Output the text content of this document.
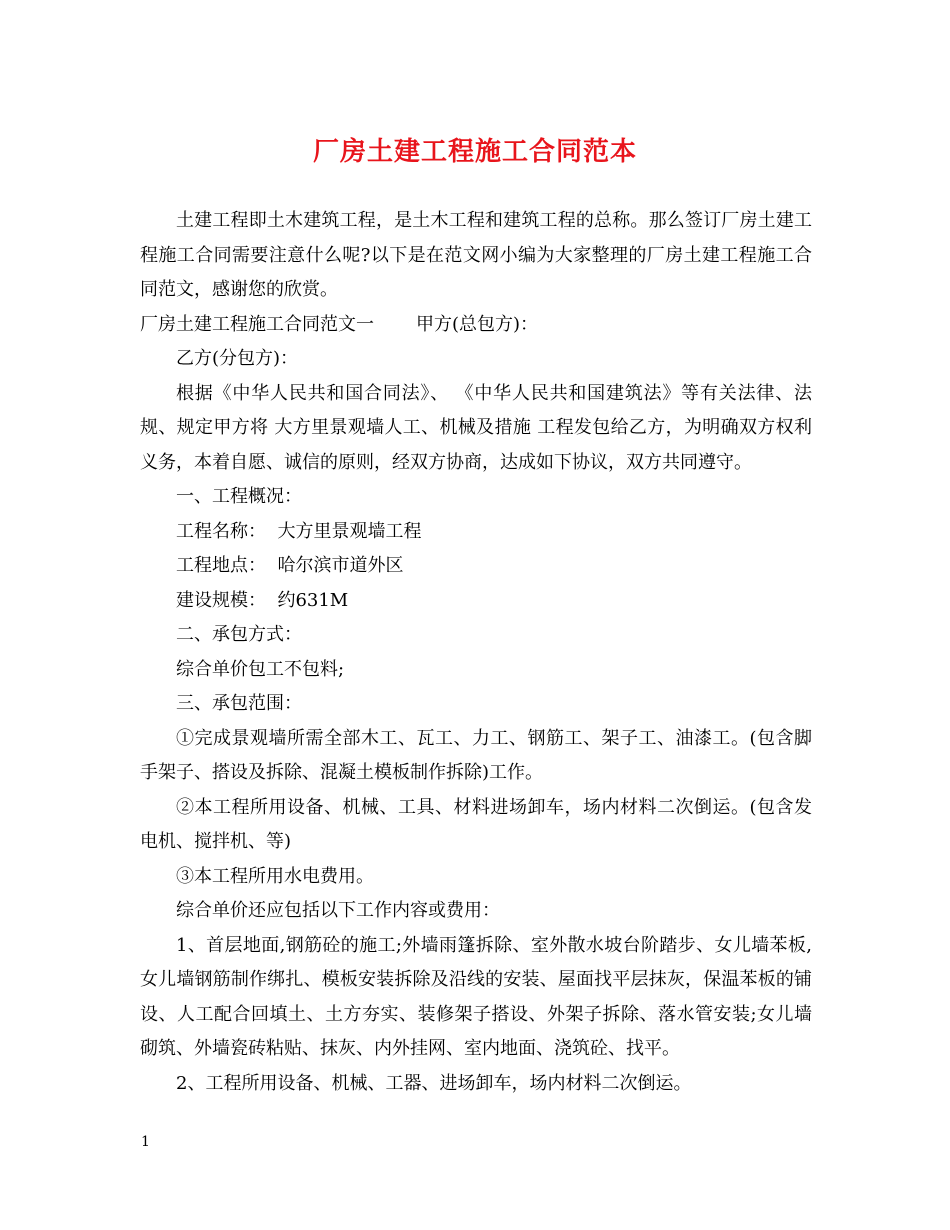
厂房土建工程施工合同范本

土建工程即土木建筑工程，是土木工程和建筑工程的总称。那么签订厂房土建工程施工合同需要注意什么呢?以下是在范文网小编为大家整理的厂房土建工程施工合同范文，感谢您的欣赏。

厂房土建工程施工合同范文一 甲方(总包方)：

乙方(分包方)：

根据《中华人民共和国合同法》、 《中华人民共和国建筑法》等有关法律、法规、规定甲方将 大方里景观墙人工、机械及措施 工程发包给乙方，为明确双方权利义务，本着自愿、诚信的原则，经双方协商，达成如下协议，双方共同遵守。

一、工程概况：

工程名称：  大方里景观墙工程

工程地点：  哈尔滨市道外区

建设规模：  约631M

二、承包方式：

综合单价包工不包料;

三、承包范围：

①完成景观墙所需全部木工、瓦工、力工、钢筋工、架子工、油漆工。(包含脚手架子、搭设及拆除、混凝土模板制作拆除)工作。

②本工程所用设备、机械、工具、材料进场卸车，场内材料二次倒运。(包含发电机、搅拌机、等)

③本工程所用水电费用。

综合单价还应包括以下工作内容或费用：

1、首层地面,钢筋砼的施工;外墙雨篷拆除、室外散水坡台阶踏步、女儿墙苯板,女儿墙钢筋制作绑扎、模板安装拆除及沿线的安装、屋面找平层抹灰，保温苯板的铺设、人工配合回填土、土方夯实、装修架子搭设、外架子拆除、落水管安装;女儿墙砌筑、外墙瓷砖粘贴、抹灰、内外挂网、室内地面、浇筑砼、找平。

2、工程所用设备、机械、工器、进场卸车，场内材料二次倒运。

1
